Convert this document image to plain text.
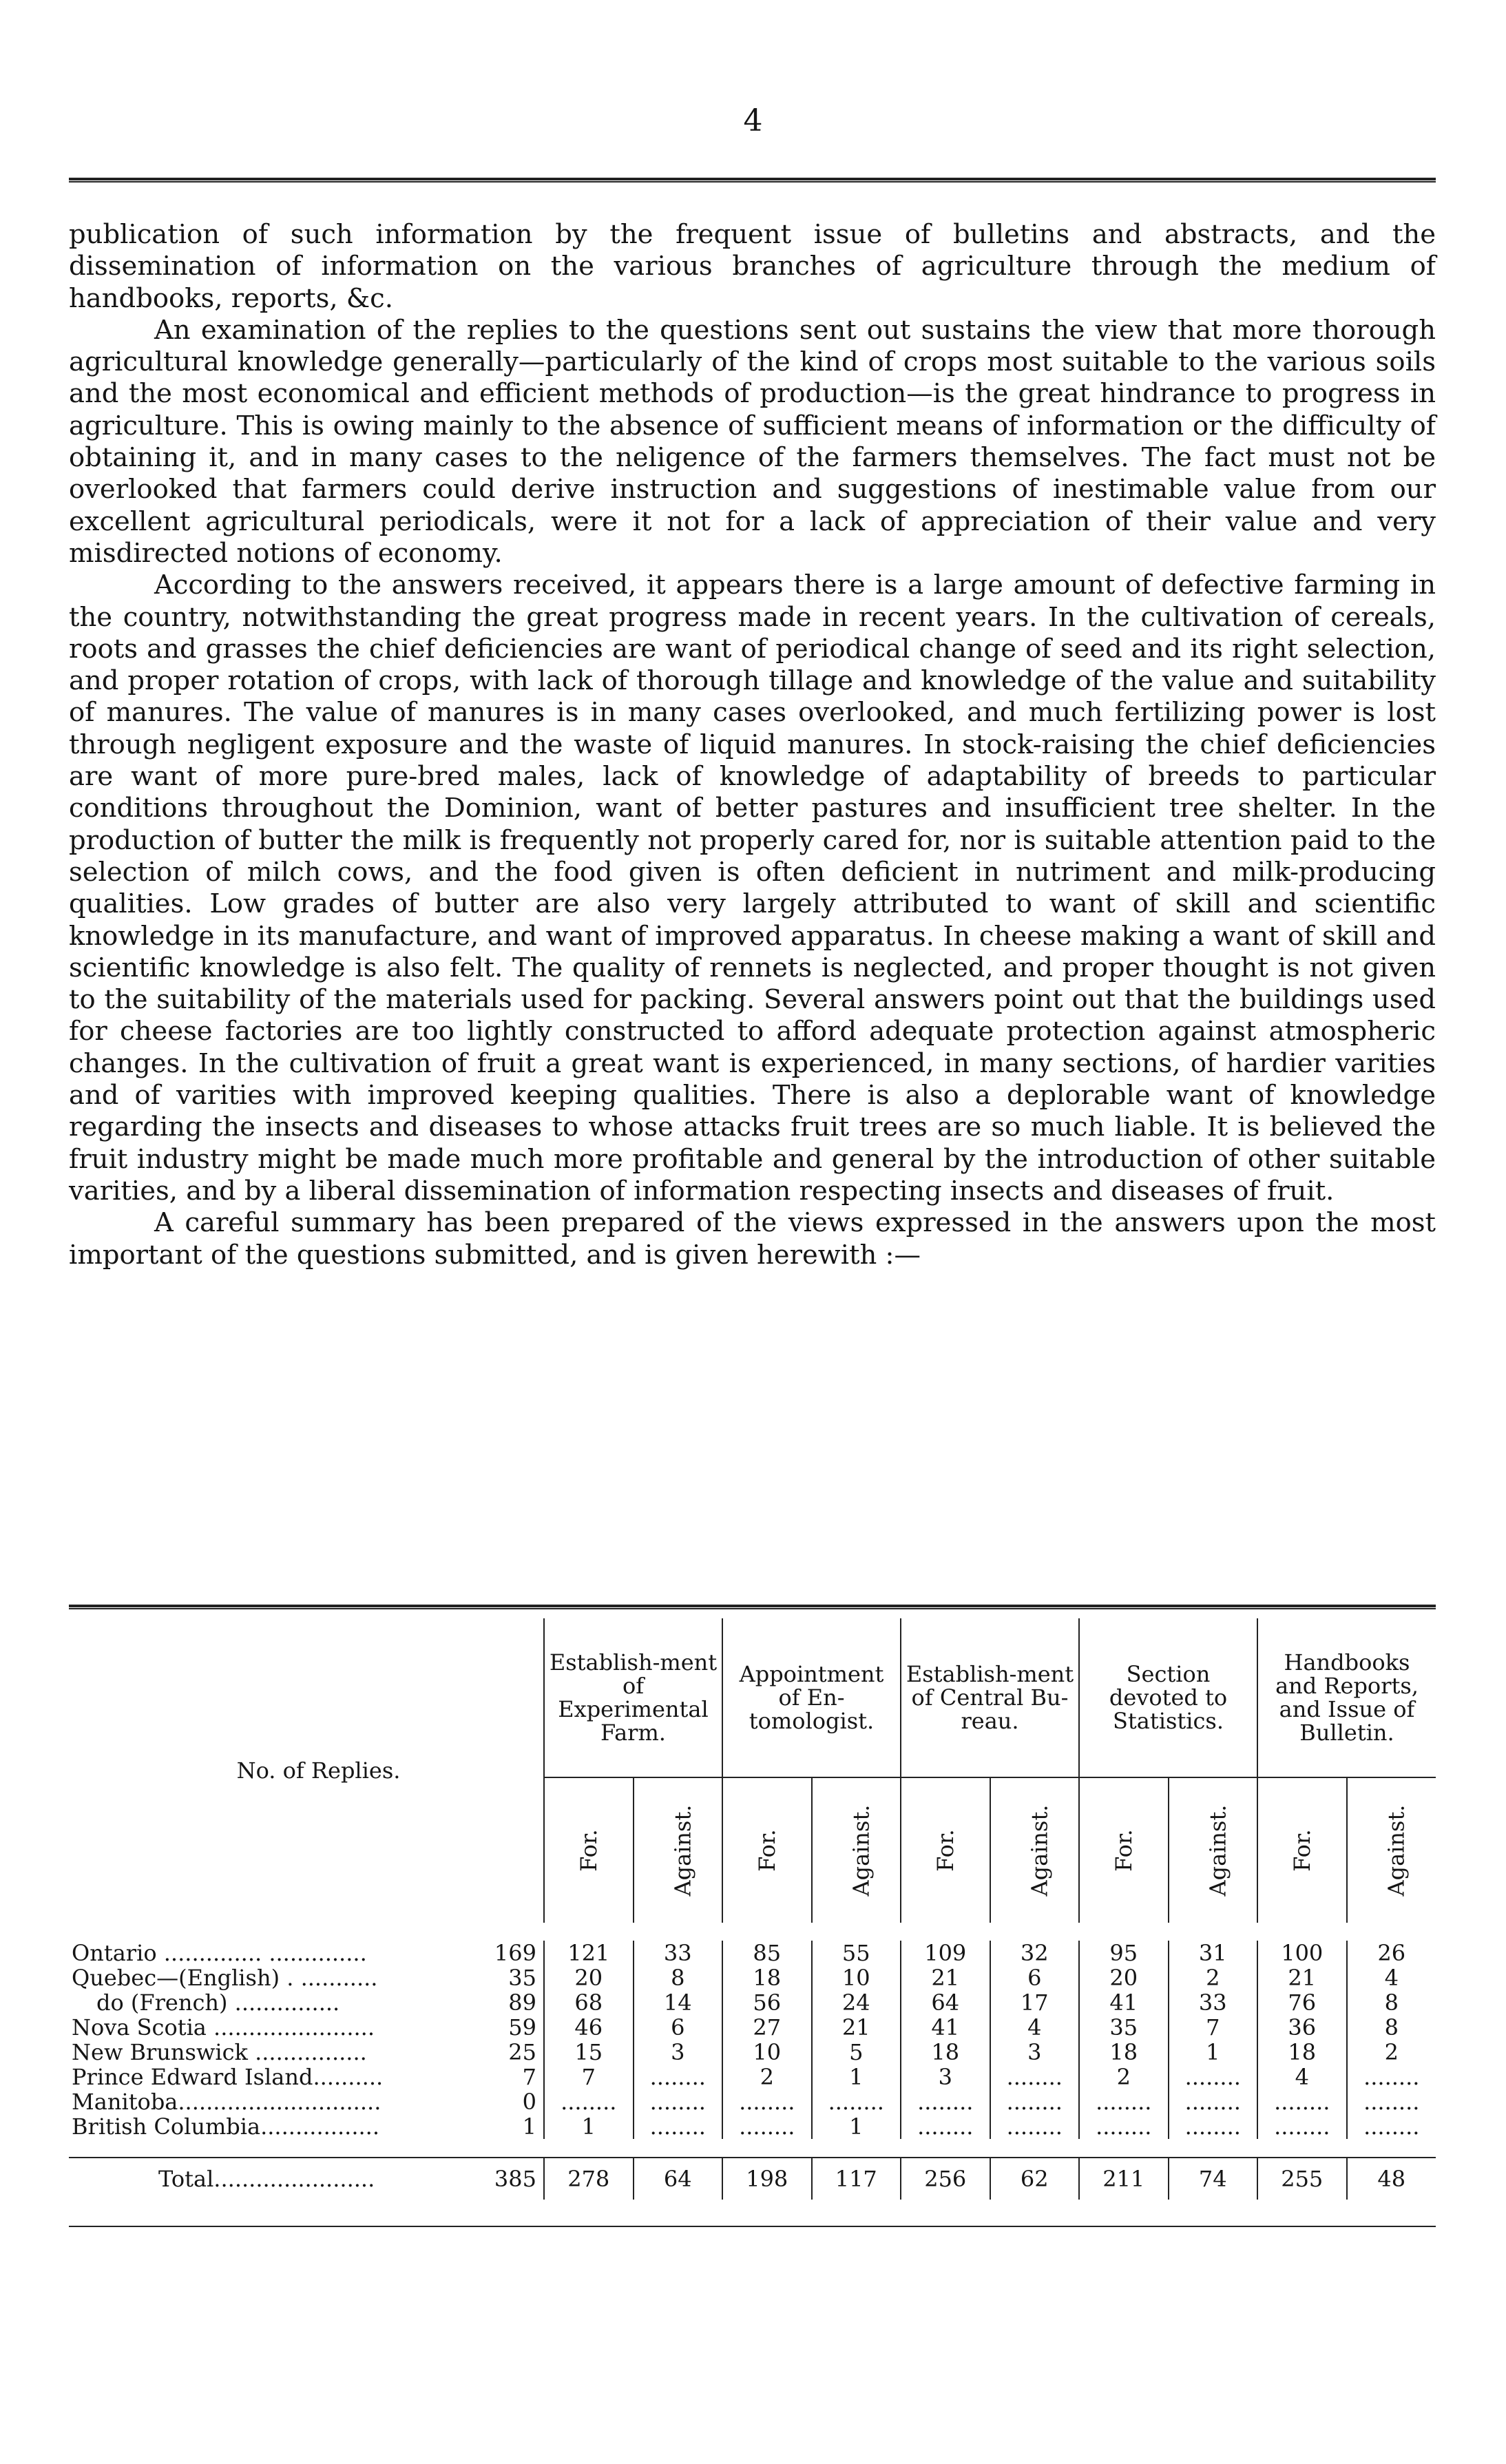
4

publication of such information by the frequent issue of bulletins and abstracts, and the dissemination of information on the various branches of agriculture through the medium of handbooks, reports, &c.

An examination of the replies to the questions sent out sustains the view that more thorough agricultural knowledge generally—particularly of the kind of crops most suitable to the various soils and the most economical and efficient methods of production—is the great hindrance to progress in agriculture. This is owing mainly to the absence of sufficient means of information or the difficulty of obtaining it, and in many cases to the neligence of the farmers themselves. The fact must not be overlooked that farmers could derive instruction and suggestions of inestimable value from our excellent agricultural periodicals, were it not for a lack of appreciation of their value and very misdirected notions of economy.

According to the answers received, it appears there is a large amount of defective farming in the country, notwithstanding the great progress made in recent years. In the cultivation of cereals, roots and grasses the chief deficiencies are want of periodical change of seed and its right selection, and proper rotation of crops, with lack of thorough tillage and knowledge of the value and suitability of manures. The value of manures is in many cases overlooked, and much fertilizing power is lost through negligent exposure and the waste of liquid manures. In stock-raising the chief deficiencies are want of more pure-bred males, lack of knowledge of adaptability of breeds to particular conditions throughout the Dominion, want of better pastures and insufficient tree shelter. In the production of butter the milk is frequently not properly cared for, nor is suitable attention paid to the selection of milch cows, and the food given is often deficient in nutriment and milk-producing qualities. Low grades of butter are also very largely attributed to want of skill and scientific knowledge in its manufacture, and want of improved apparatus. In cheese making a want of skill and scientific knowledge is also felt. The quality of rennets is neglected, and proper thought is not given to the suitability of the materials used for packing. Several answers point out that the buildings used for cheese factories are too lightly constructed to afford adequate protection against atmospheric changes. In the cultivation of fruit a great want is experienced, in many sections, of hardier varities and of varities with improved keeping qualities. There is also a deplorable want of knowledge regarding the insects and diseases to whose attacks fruit trees are so much liable. It is believed the fruit industry might be made much more profitable and general by the introduction of other suitable varities, and by a liberal dissemination of information respecting insects and diseases of fruit.

A careful summary has been prepared of the views expressed in the answers upon the most important of the questions submitted, and is given herewith :—

No. of Replies.		Establish-ment of Experimental Farm.		Appointment of En-tomologist.		Establish-ment of Central Bu-reau.		Section devoted to Statistics.		Handbooks and Reports, and Issue of Bulletin.	
		For.	Against.	For.	Against.	For.	Against.	For.	Against.	For.	Against.

Ontario .............. ..............	169	121	33	85	55	109	32	95	31	100	26
Quebec—(English) . ...........	35	20	8	18	10	21	6	20	2	21	4
do (French) ...............	89	68	14	56	24	64	17	41	33	76	8
Nova Scotia .......................	59	46	6	27	21	41	4	35	7	36	8
New Brunswick ................	25	15	3	10	5	18	3	18	1	18	2
Prince Edward Island..........	7	7	........	2	1	3	........	2	........	4	........
Manitoba.............................	0	........	........	........	........	........	........	........	........	........	........
British Columbia.................	1	1	........	........	1	........	........	........	........	........	........

Total.......................	385	278	64	198	117	256	62	211	74	255	48
